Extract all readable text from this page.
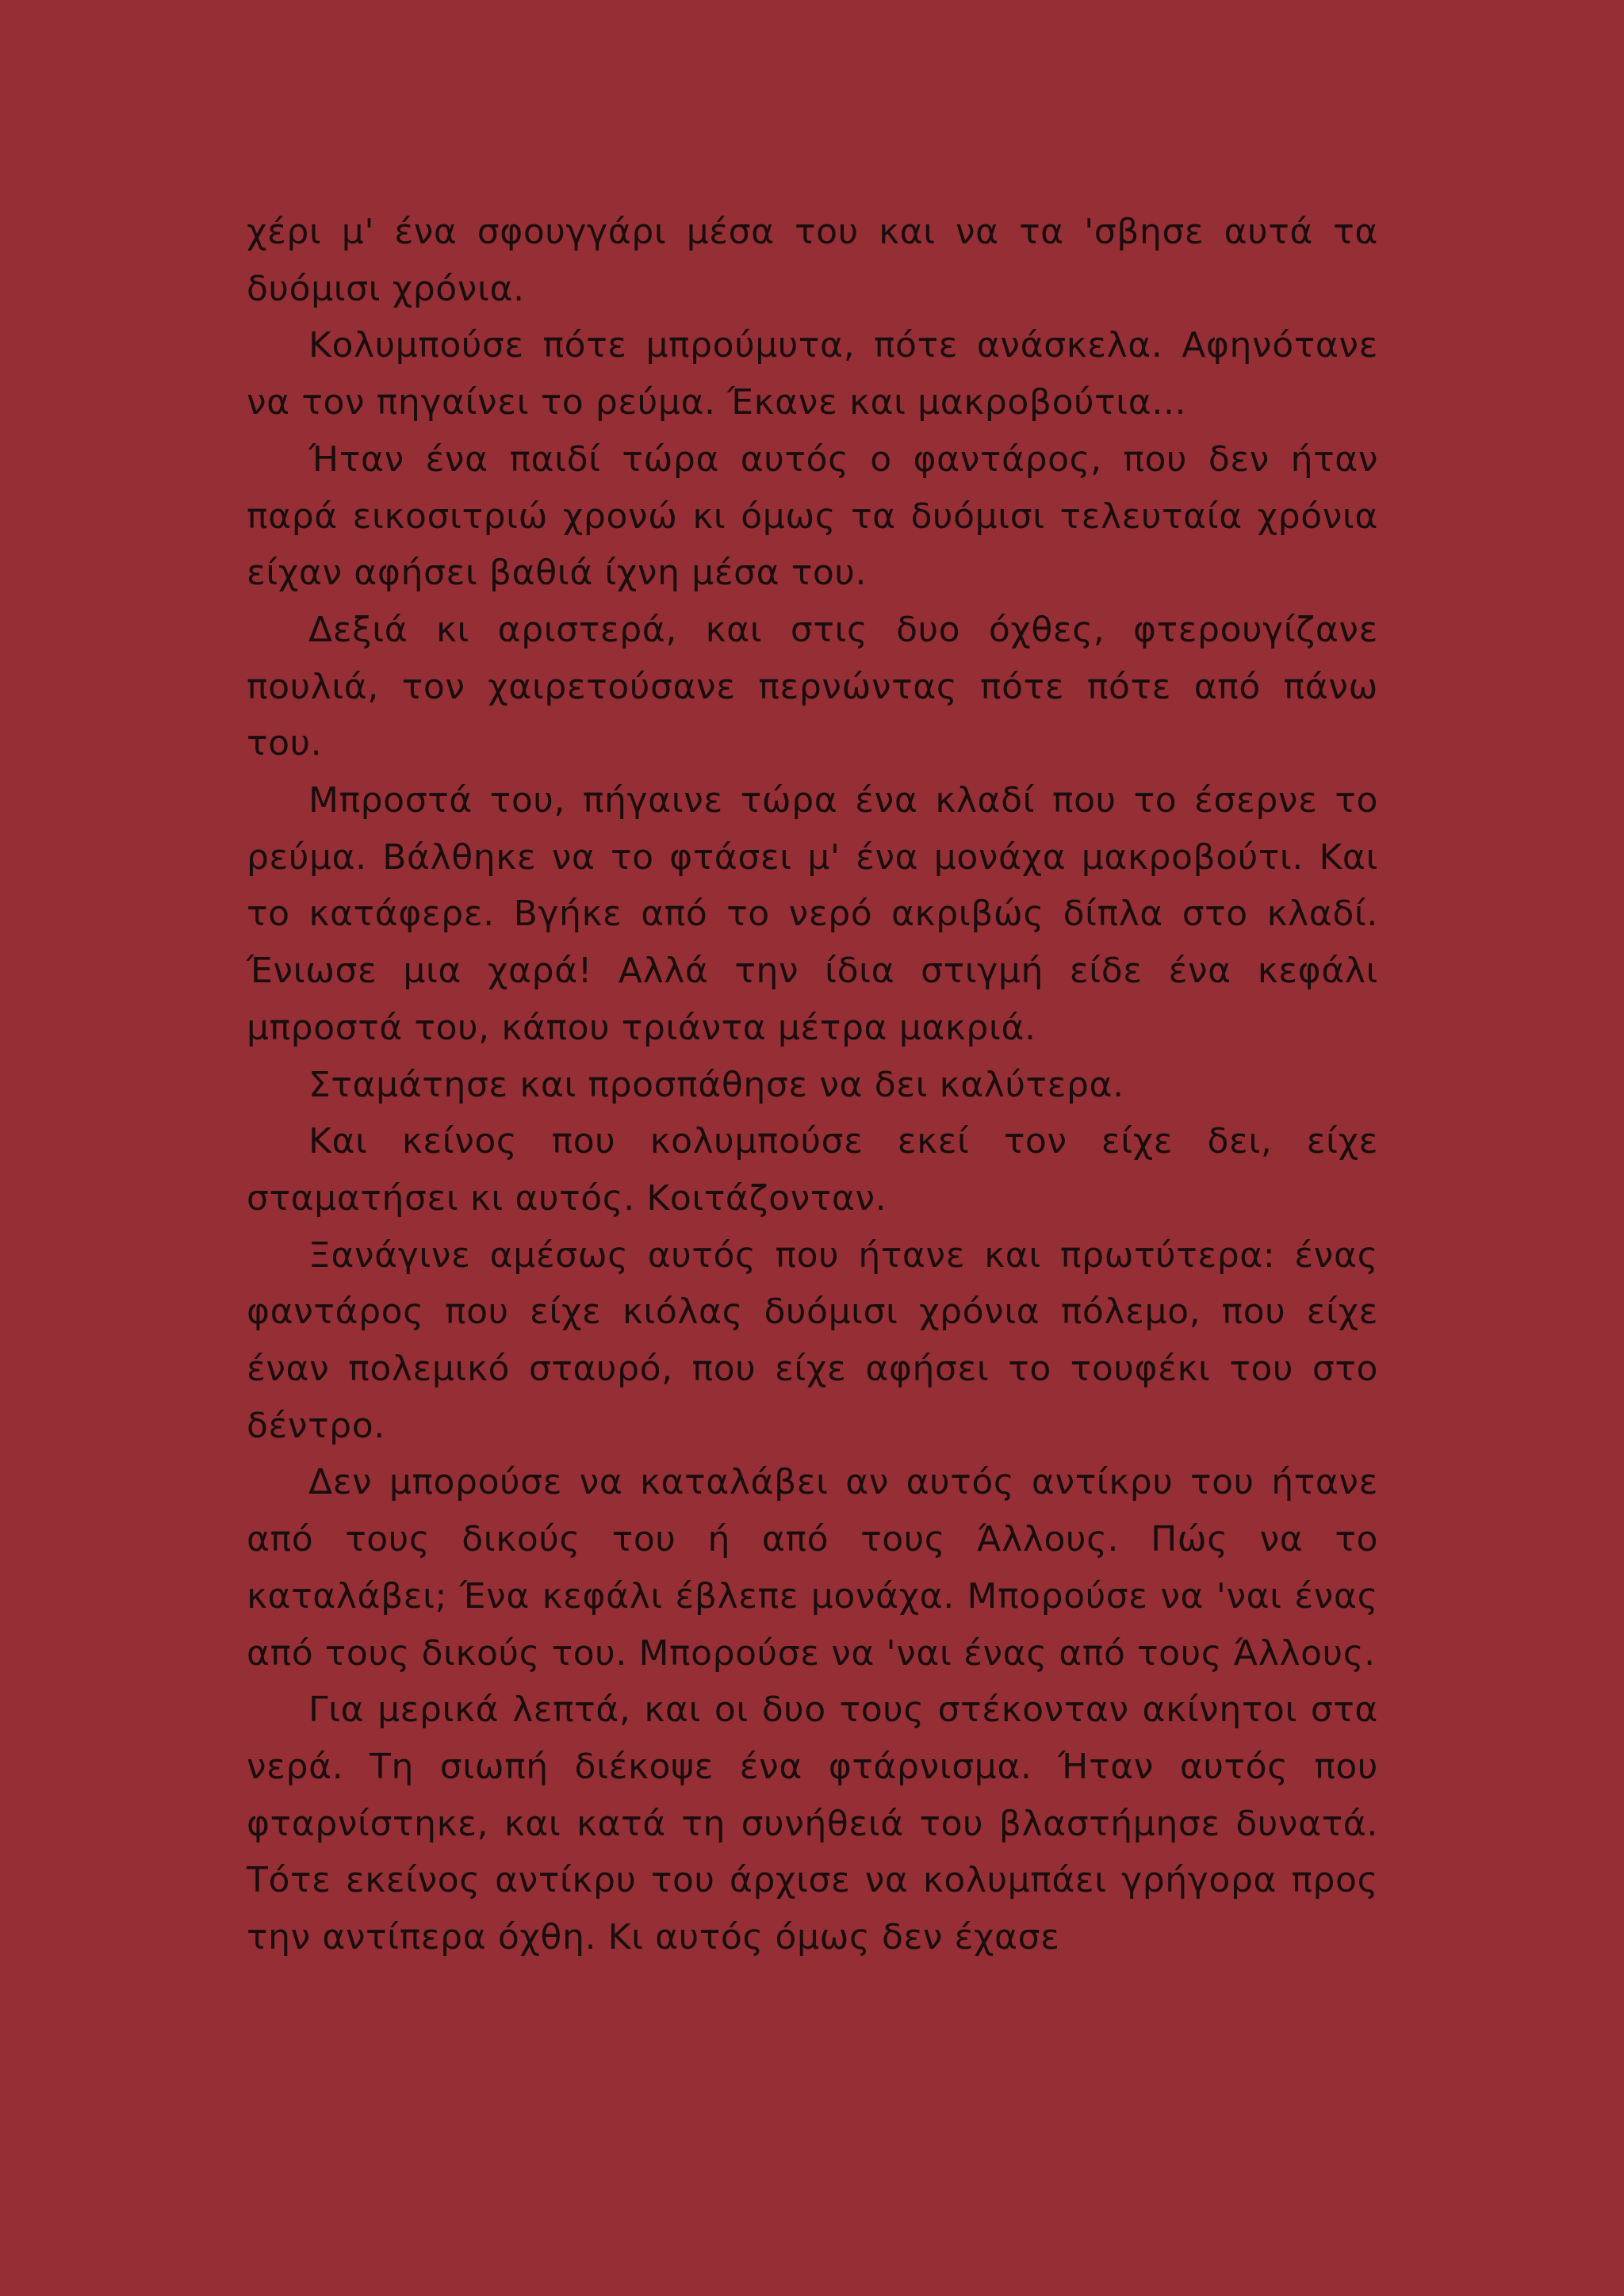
χέρι μ' ένα σφουγγάρι μέσα του και να τα 'σβησε αυτά τα δυόμισι χρόνια.

Κολυμπούσε πότε μπρούμυτα, πότε ανάσκελα. Αφηνότανε να τον πηγαίνει το ρεύμα. Έκανε και μακροβούτια...

Ήταν ένα παιδί τώρα αυτός ο φαντάρος, που δεν ήταν παρά εικοσιτριώ χρονώ κι όμως τα δυόμισι τελευταία χρόνια είχαν αφήσει βαθιά ίχνη μέσα του.

Δεξιά κι αριστερά, και στις δυο όχθες, φτερουγίζανε πουλιά, τον χαιρετούσανε περνώντας πότε πότε από πάνω του.

Μπροστά του, πήγαινε τώρα ένα κλαδί που το έσερνε το ρεύμα. Βάλθηκε να το φτάσει μ' ένα μονάχα μακροβούτι. Και το κατάφερε. Βγήκε από το νερό ακριβώς δίπλα στο κλαδί. Ένιωσε μια χαρά! Αλλά την ίδια στιγμή είδε ένα κεφάλι μπροστά του, κάπου τριάντα μέτρα μακριά.

Σταμάτησε και προσπάθησε να δει καλύτερα.

Και κείνος που κολυμπούσε εκεί τον είχε δει, είχε σταματήσει κι αυτός. Κοιτάζονταν.

Ξανάγινε αμέσως αυτός που ήτανε και πρωτύτερα: ένας φαντάρος που είχε κιόλας δυόμισι χρόνια πόλεμο, που είχε έναν πολεμικό σταυρό, που είχε αφήσει το τουφέκι του στο δέντρο.

Δεν μπορούσε να καταλάβει αν αυτός αντίκρυ του ήτανε από τους δικούς του ή από τους Άλλους. Πώς να το καταλάβει; Ένα κεφάλι έβλεπε μονάχα. Μπορούσε να 'ναι ένας από τους δικούς του. Μπορούσε να 'ναι ένας από τους Άλλους.

Για μερικά λεπτά, και οι δυο τους στέκονταν ακίνητοι στα νερά. Τη σιωπή διέκοψε ένα φτάρνισμα. Ήταν αυτός που φταρνίστηκε, και κατά τη συνήθειά του βλαστήμησε δυνατά. Τότε εκείνος αντίκρυ του άρχισε να κολυμπάει γρήγορα προς την αντίπερα όχθη. Κι αυτός όμως δεν έχασε
